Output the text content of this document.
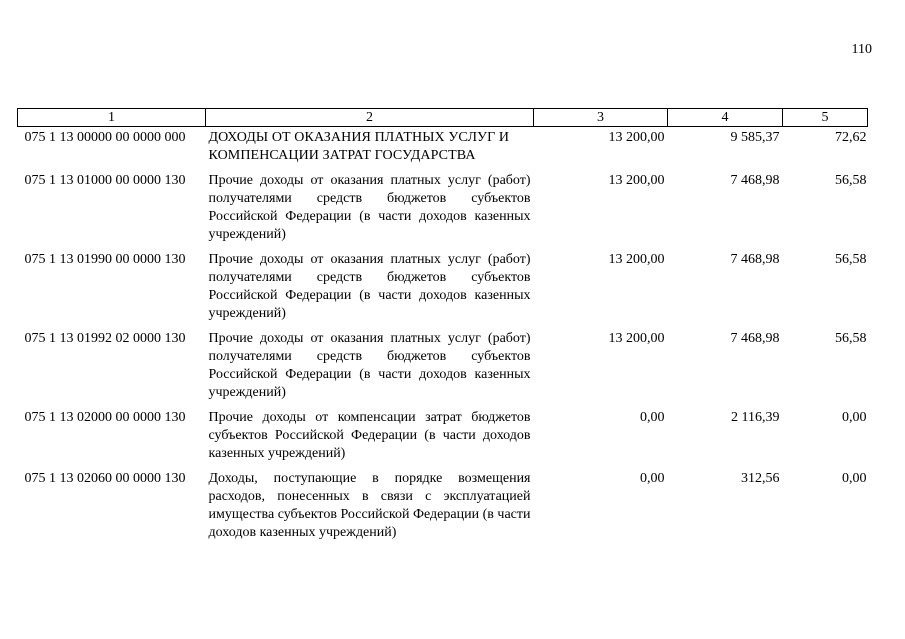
110
1	2	3	4	5
075 1 13 00000 00 0000 000	ДОХОДЫ ОТ ОКАЗАНИЯ ПЛАТНЫХ УСЛУГ И КОМПЕНСАЦИИ ЗАТРАТ ГОСУДАРСТВА	13 200,00	9 585,37	72,62
075 1 13 01000 00 0000 130	Прочие доходы от оказания платных услуг (работ) получателями средств бюджетов субъектов Российской Федерации (в части доходов казенных учреждений)	13 200,00	7 468,98	56,58
075 1 13 01990 00 0000 130	Прочие доходы от оказания платных услуг (работ) получателями средств бюджетов субъектов Российской Федерации (в части доходов казенных учреждений)	13 200,00	7 468,98	56,58
075 1 13 01992 02 0000 130	Прочие доходы от оказания платных услуг (работ) получателями средств бюджетов субъектов Российской Федерации (в части доходов казенных учреждений)	13 200,00	7 468,98	56,58
075 1 13 02000 00 0000 130	Прочие доходы от компенсации затрат бюджетов субъектов Российской Федерации (в части доходов казенных учреждений)	0,00	2 116,39	0,00
075 1 13 02060 00 0000 130	Доходы, поступающие в порядке возмещения расходов, понесенных в связи с эксплуатацией имущества субъектов Российской Федерации (в части доходов казенных учреждений)	0,00	312,56	0,00
